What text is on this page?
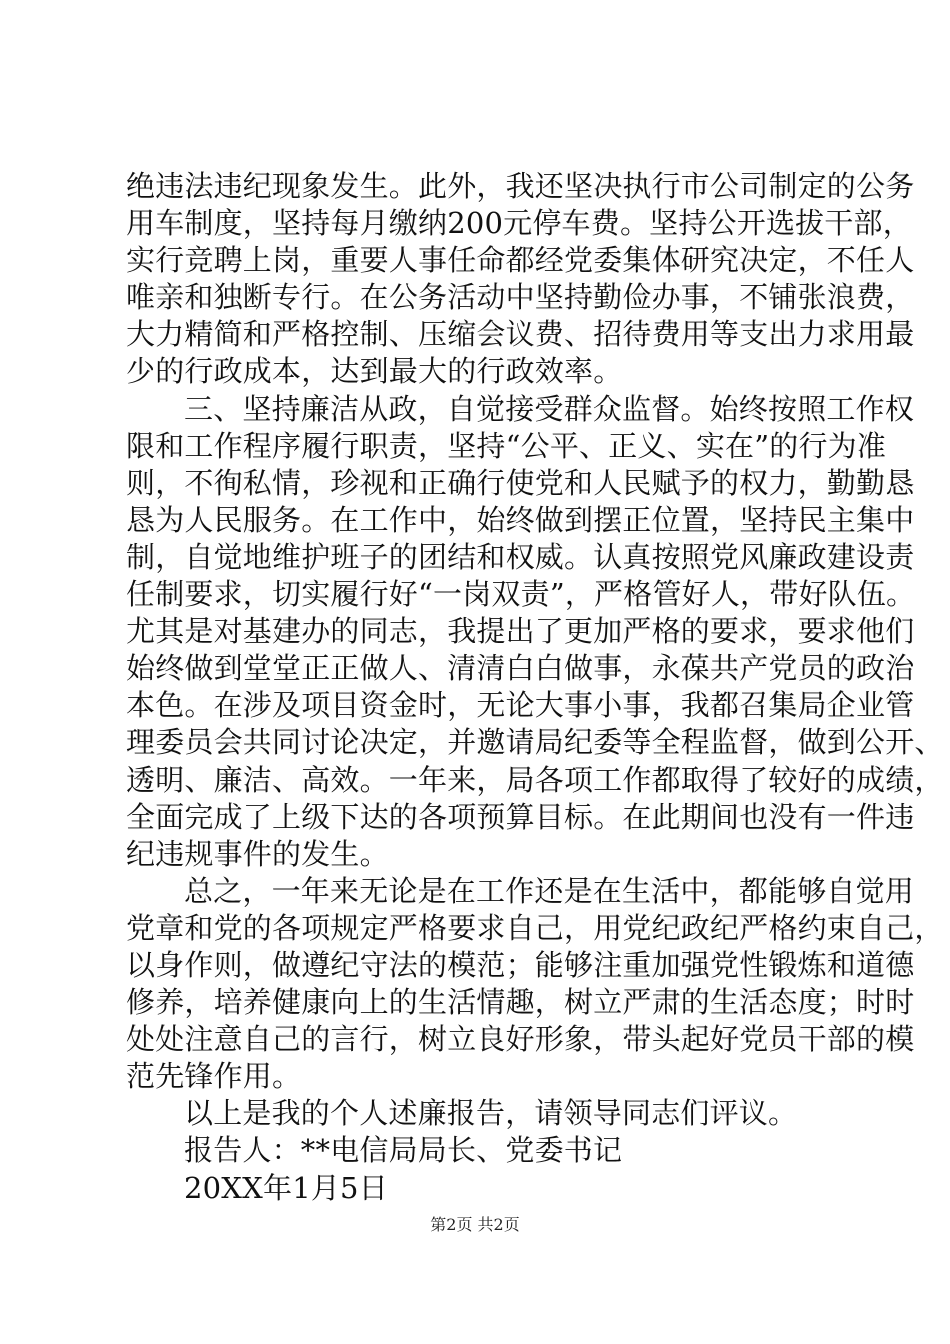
绝违法违纪现象发生。此外，我还坚决执行市公司制定的公务
用车制度，坚持每月缴纳200元停车费。坚持公开选拔干部，
实行竞聘上岗，重要人事任命都经党委集体研究决定，不任人
唯亲和独断专行。在公务活动中坚持勤俭办事，不铺张浪费，
大力精简和严格控制、压缩会议费、招待费用等支出力求用最
少的行政成本，达到最大的行政效率。
三、坚持廉洁从政，自觉接受群众监督。始终按照工作权
限和工作程序履行职责，坚持“公平、正义、实在”的行为准
则，不徇私情，珍视和正确行使党和人民赋予的权力，勤勤恳
恳为人民服务。在工作中，始终做到摆正位置，坚持民主集中
制，自觉地维护班子的团结和权威。认真按照党风廉政建设责
任制要求，切实履行好“一岗双责”，严格管好人，带好队伍。
尤其是对基建办的同志，我提出了更加严格的要求，要求他们
始终做到堂堂正正做人、清清白白做事，永葆共产党员的政治
本色。在涉及项目资金时，无论大事小事，我都召集局企业管
理委员会共同讨论决定，并邀请局纪委等全程监督，做到公开、
透明、廉洁、高效。一年来，局各项工作都取得了较好的成绩，
全面完成了上级下达的各项预算目标。在此期间也没有一件违
纪违规事件的发生。
总之，一年来无论是在工作还是在生活中，都能够自觉用
党章和党的各项规定严格要求自己，用党纪政纪严格约束自己，
以身作则，做遵纪守法的模范；能够注重加强党性锻炼和道德
修养，培养健康向上的生活情趣，树立严肃的生活态度；时时
处处注意自己的言行，树立良好形象，带头起好党员干部的模
范先锋作用。
以上是我的个人述廉报告，请领导同志们评议。
报告人：**电信局局长、党委书记
20XX年1月5日
第2页 共2页
